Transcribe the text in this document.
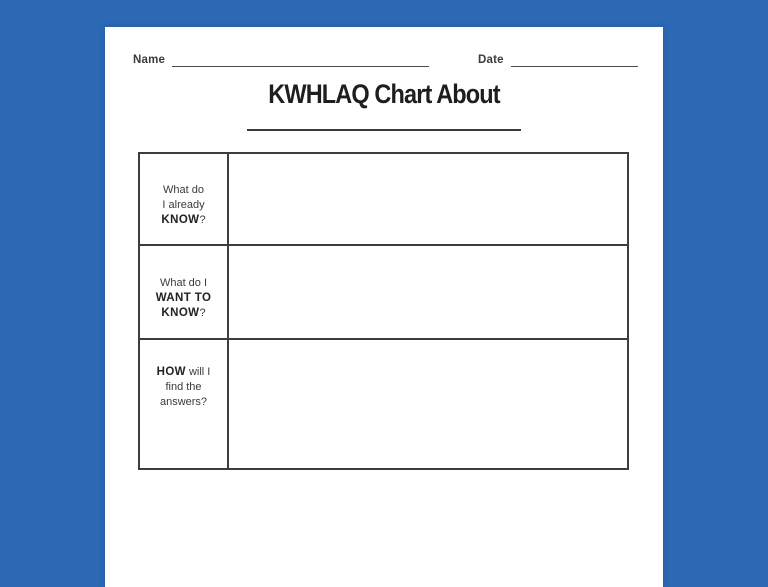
Name	Date
KWHLAQ Chart About
What do
I already
KNOW?	

What do I
WANT TO
KNOW?	

HOW will I
find the
answers?	
